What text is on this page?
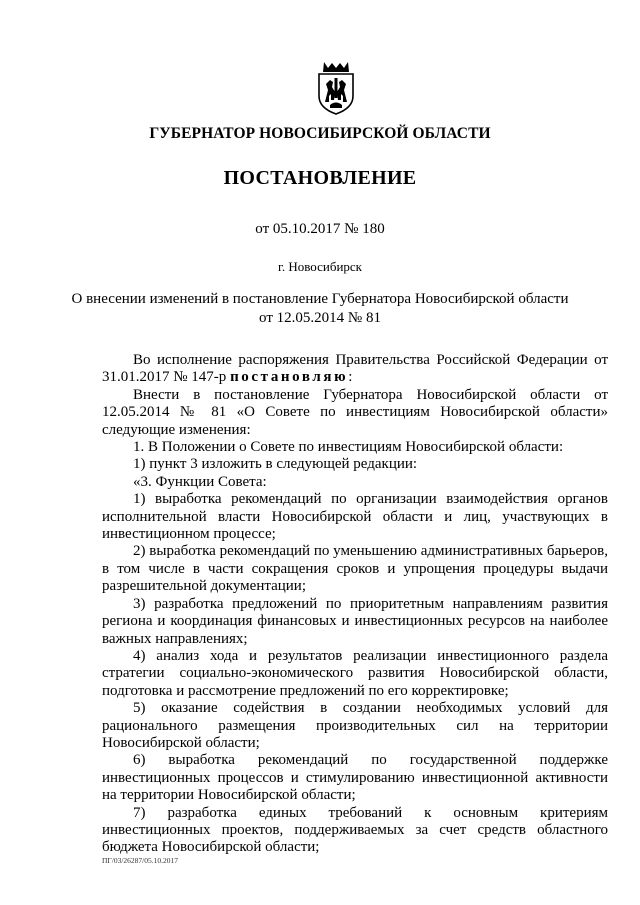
ГУБЕРНАТОР НОВОСИБИРСКОЙ ОБЛАСТИ
ПОСТАНОВЛЕНИЕ
от 05.10.2017 № 180
г. Новосибирск
О внесении изменений в постановление Губернатора Новосибирской области
от 12.05.2014 № 81

Во исполнение распоряжения Правительства Российской Федерации от 31.01.2017 № 147-р постановляю:

Внести в постановление Губернатора Новосибирской области от 12.05.2014 № 81 «О Совете по инвестициям Новосибирской области» следующие изменения:

1. В Положении о Совете по инвестициям Новосибирской области:

1) пункт 3 изложить в следующей редакции:

«3. Функции Совета:

1) выработка рекомендаций по организации взаимодействия органов исполнительной власти Новосибирской области и лиц, участвующих в инвестиционном процессе;

2) выработка рекомендаций по уменьшению административных барьеров, в том числе в части сокращения сроков и упрощения процедуры выдачи разрешительной документации;

3) разработка предложений по приоритетным направлениям развития региона и координация финансовых и инвестиционных ресурсов на наиболее важных направлениях;

4) анализ хода и результатов реализации инвестиционного раздела стратегии социально-экономического развития Новосибирской области, подготовка и рассмотрение предложений по его корректировке;

5) оказание содействия в создании необходимых условий для рационального размещения производительных сил на территории Новосибирской области;

6) выработка рекомендаций по государственной поддержке инвестиционных процессов и стимулированию инвестиционной активности на территории Новосибирской области;

7) разработка единых требований к основным критериям инвестиционных проектов, поддерживаемых за счет средств областного бюджета Новосибирской области;

ПГ/03/26287/05.10.2017
